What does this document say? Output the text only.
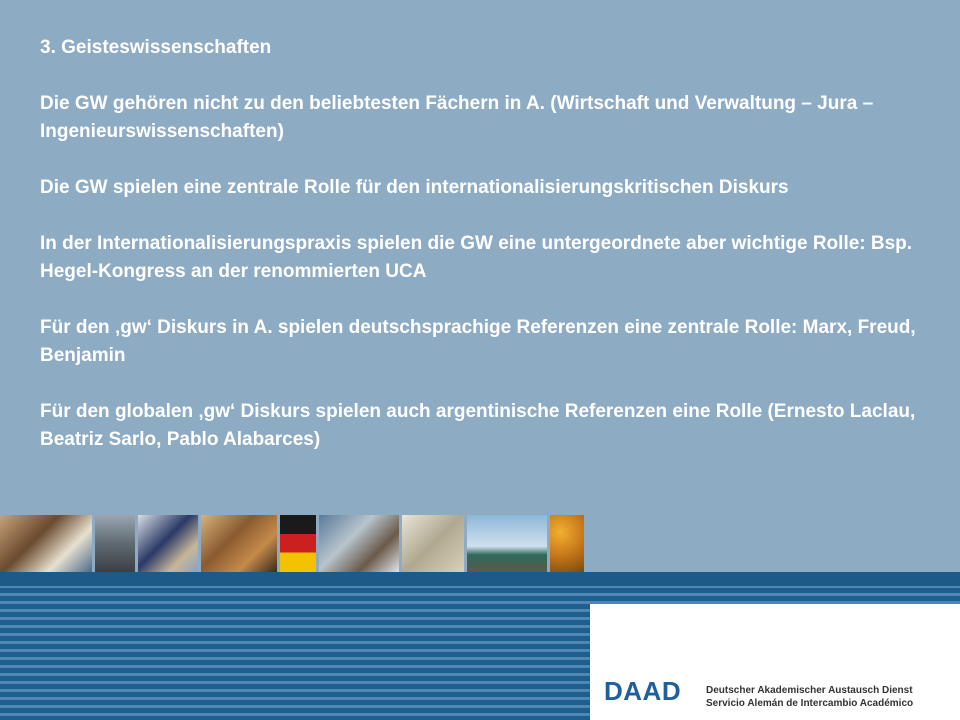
3. Geisteswissenschaften

Die GW gehören nicht zu den beliebtesten Fächern in A. (Wirtschaft und Verwaltung – Jura – Ingenieurswissenschaften)

Die GW spielen eine zentrale Rolle für den internationalisierungskritischen Diskurs

In der Internationalisierungspraxis spielen die GW eine untergeordnete aber wichtige Rolle: Bsp. Hegel-Kongress an der renommierten UCA

Für den ‚gw‘ Diskurs in A. spielen deutschsprachige Referenzen eine zentrale Rolle: Marx, Freud, Benjamin

Für den globalen ‚gw‘ Diskurs spielen auch argentinische Referenzen eine Rolle (Ernesto Laclau, Beatriz Sarlo, Pablo Alabarces)

DAAD Deutscher Akademischer Austausch Dienst
Servicio Alemán de Intercambio Académico
